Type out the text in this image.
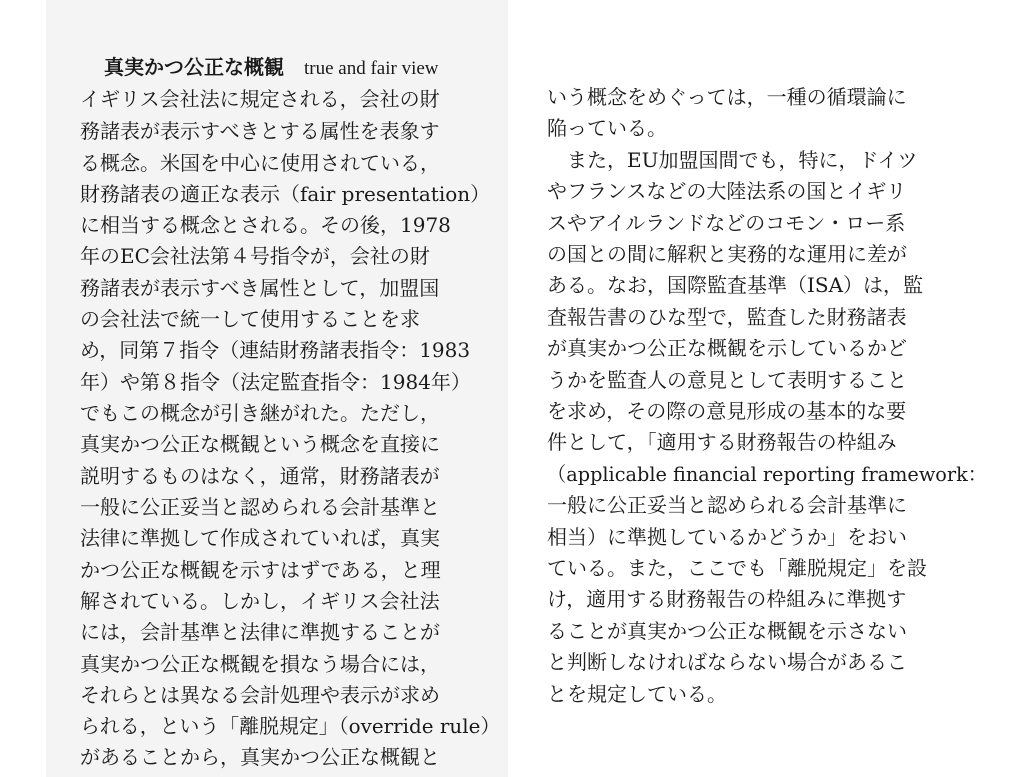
真実かつ公正な概観 true and fair view
イギリス会社法に規定される，会社の財
務諸表が表示すべきとする属性を表象す
る概念。米国を中心に使用されている，
財務諸表の適正な表示（fair presentation）
に相当する概念とされる。その後，1978
年のEC会社法第４号指令が，会社の財
務諸表が表示すべき属性として，加盟国
の会社法で統一して使用することを求
め，同第７指令（連結財務諸表指令：1983
年）や第８指令（法定監査指令：1984年）
でもこの概念が引き継がれた。ただし，
真実かつ公正な概観という概念を直接に
説明するものはなく，通常，財務諸表が
一般に公正妥当と認められる会計基準と
法律に準拠して作成されていれば，真実
かつ公正な概観を示すはずである，と理
解されている。しかし，イギリス会社法
には，会計基準と法律に準拠することが
真実かつ公正な概観を損なう場合には，
それらとは異なる会計処理や表示が求め
られる，という「離脱規定」（override rule）
があることから，真実かつ公正な概観と
いう概念をめぐっては，一種の循環論に
陥っている。
　また，EU加盟国間でも，特に，ドイツ
やフランスなどの大陸法系の国とイギリ
スやアイルランドなどのコモン・ロー系
の国との間に解釈と実務的な運用に差が
ある。なお，国際監査基準（ISA）は，監
査報告書のひな型で，監査した財務諸表
が真実かつ公正な概観を示しているかど
うかを監査人の意見として表明すること
を求め，その際の意見形成の基本的な要
件として，「適用する財務報告の枠組み
（applicable financial reporting framework：
一般に公正妥当と認められる会計基準に
相当）に準拠しているかどうか」をおい
ている。また，ここでも「離脱規定」を設
け，適用する財務報告の枠組みに準拠す
ることが真実かつ公正な概観を示さない
と判断しなければならない場合があるこ
とを規定している。
